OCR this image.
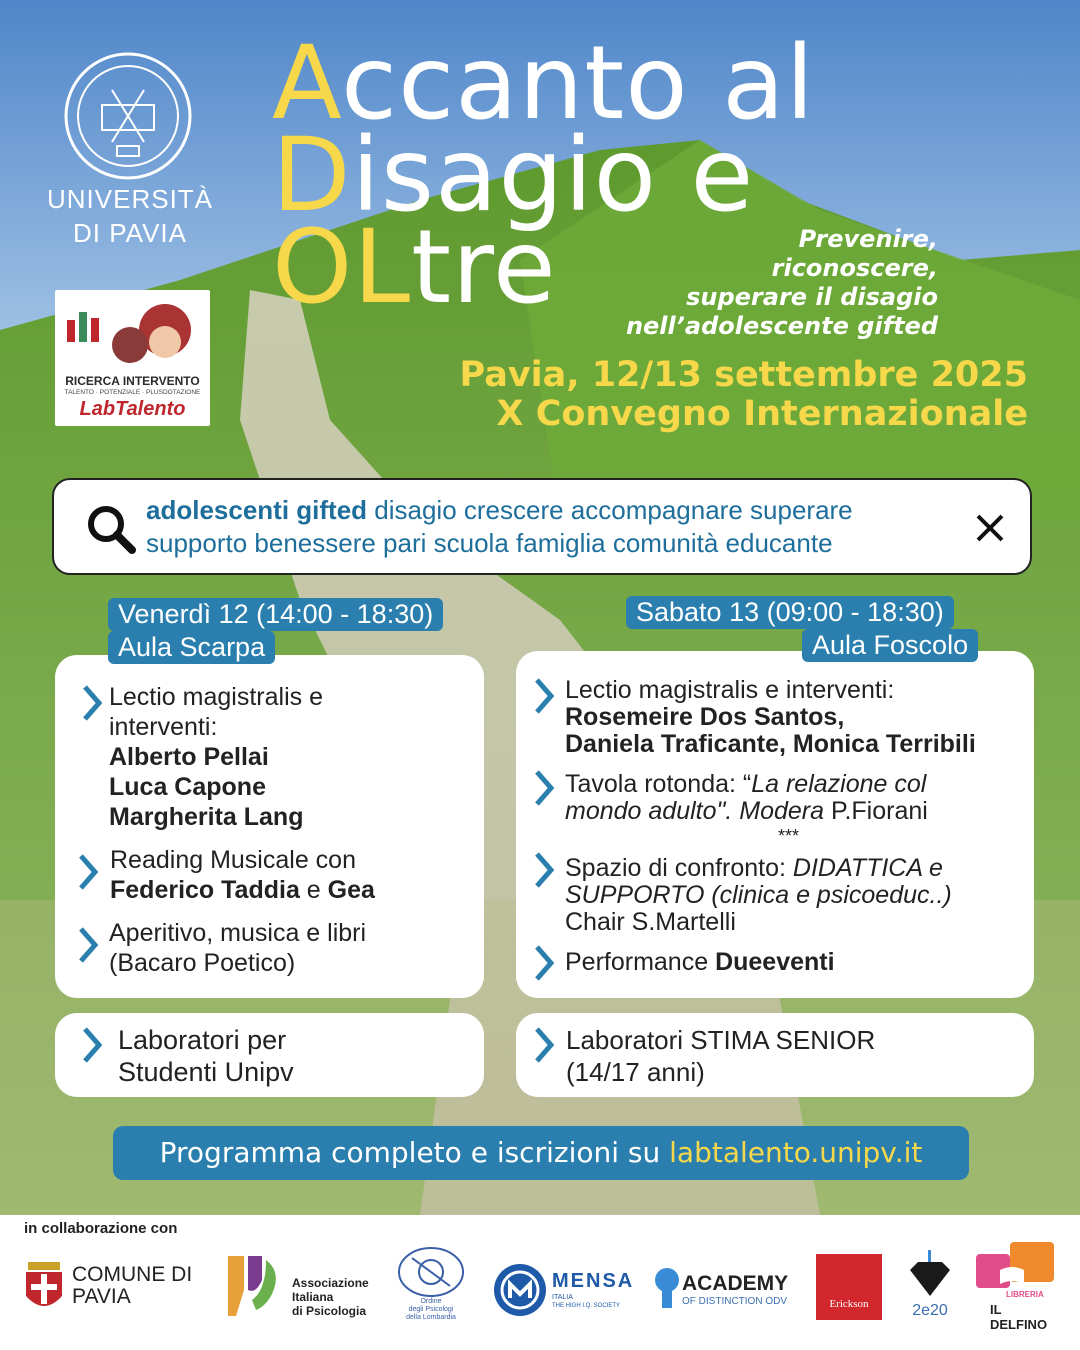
UNIVERSITÀ
DI PAVIA
RICERCA INTERVENTO
TALENTO · POTENZIALE · PLUSDOTAZIONE
LabTalento
Accanto al
Disagio e
OLtre	Prevenire,
riconoscere,
superare il disagio
nell’adolescente gifted
Pavia, 12/13 settembre 2025
X Convegno Internazionale
adolescenti gifted disagio crescere accompagnare superare
supporto benessere pari scuola famiglia comunità educante
Venerdì 12 (14:00 - 18:30)
Aula Scarpa
Lectio magistralis e
interventi:
Alberto Pellai
Luca Capone
Margherita Lang
Reading Musicale con
Federico Taddia e Gea
Aperitivo, musica e libri
(Bacaro Poetico)
Laboratori per
Studenti Unipv
Sabato 13 (09:00 - 18:30)
Aula Foscolo
Lectio magistralis e interventi:
Rosemeire Dos Santos,
Daniela Traficante, Monica Terribili
Tavola rotonda: “La relazione col
mondo adulto". Modera P.Fiorani
***
Spazio di confronto: DIDATTICA e
SUPPORTO (clinica e psicoeduc..)
Chair S.Martelli
Performance Dueeventi
Laboratori STIMA SENIOR
(14/17 anni)
Programma completo e iscrizioni su labtalento.unipv.it
in collaborazione con
COMUNE DI
PAVIA
Associazione
Italiana
di Psicologia
Ordine
degli Psicologi
della Lombardia
MENSA
ITALIA
THE HIGH I.Q. SOCIETY
ACADEMY
OF DISTINCTION ODV	Erickson	2e20
LIBRERIA
IL DELFINO
